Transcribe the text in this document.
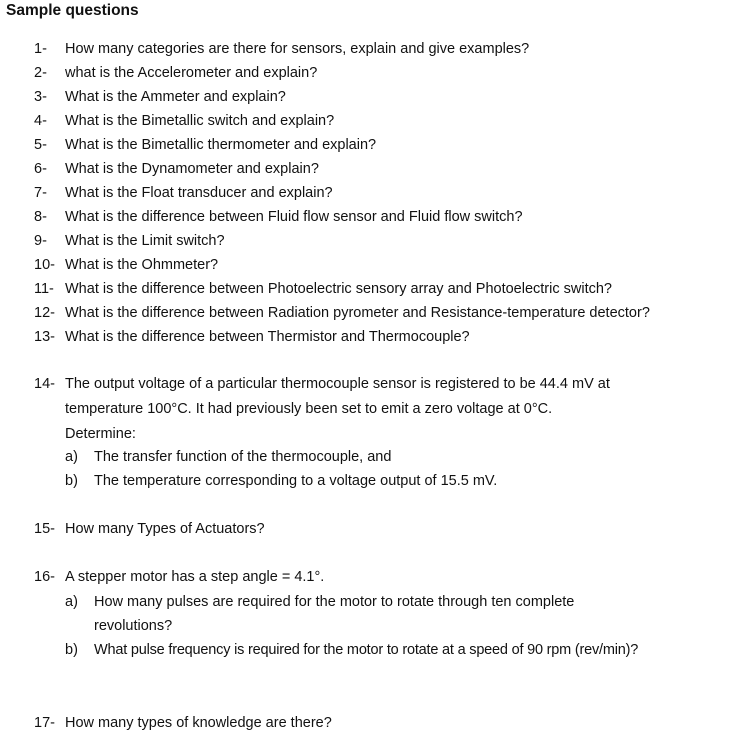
Sample questions
1- How many categories are there for sensors, explain and give examples?
2- what is the Accelerometer and explain?
3- What is the Ammeter and explain?
4- What is the Bimetallic switch and explain?
5- What is the Bimetallic thermometer and explain?
6- What is the Dynamometer and explain?
7- What is the Float transducer and explain?
8- What is the difference between Fluid flow sensor and Fluid flow switch?
9- What is the Limit switch?
10- What is the Ohmmeter?
11- What is the difference between Photoelectric sensory array and Photoelectric switch?
12- What is the difference between Radiation pyrometer and Resistance-temperature detector?
13- What is the difference between Thermistor and Thermocouple?
14- The output voltage of a particular thermocouple sensor is registered to be 44.4 mV at
temperature 100°C. It had previously been set to emit a zero voltage at 0°C.
Determine:
a) The transfer function of the thermocouple, and
b) The temperature corresponding to a voltage output of 15.5 mV.
15- How many Types of Actuators?
16- A stepper motor has a step angle = 4.1°.
a) How many pulses are required for the motor to rotate through ten complete
revolutions?
b) What pulse frequency is required for the motor to rotate at a speed of 90 rpm (rev/min)?
17- How many types of knowledge are there?
